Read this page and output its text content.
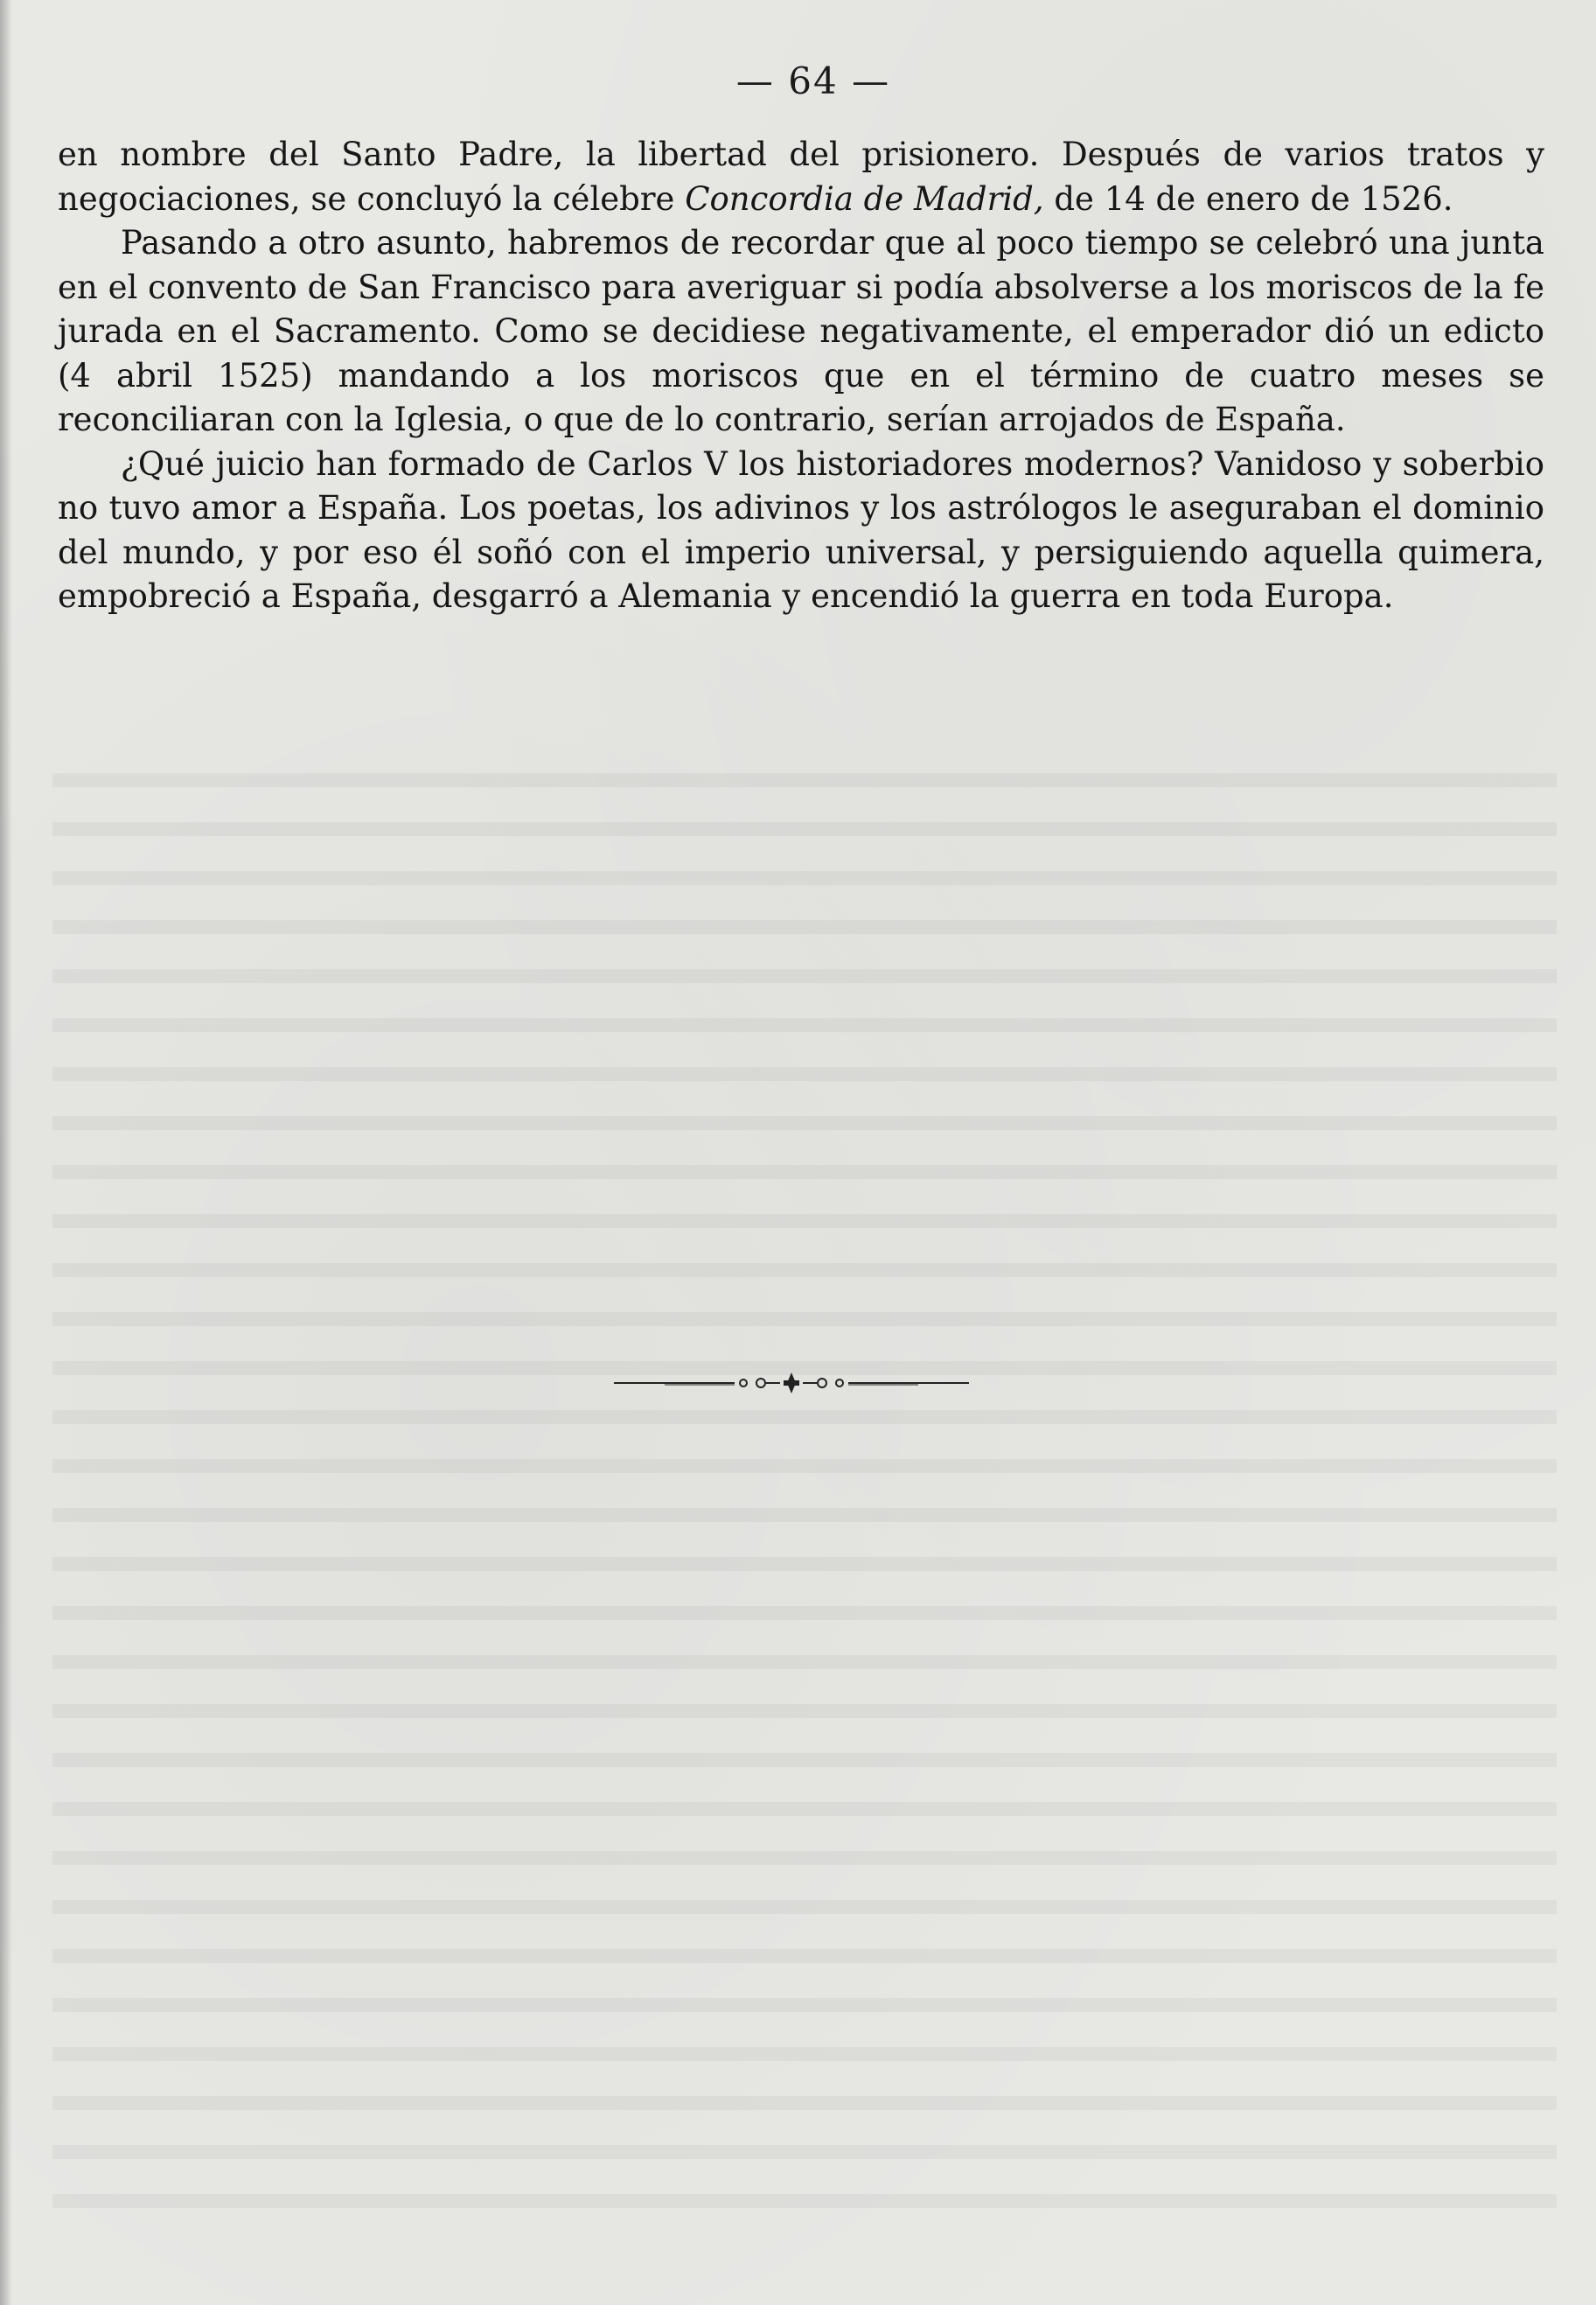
— 64 —

en nombre del Santo Padre, la libertad del prisionero. Después de varios tratos y negociaciones, se concluyó la célebre Concordia de Madrid, de 14 de enero de 1526.

Pasando a otro asunto, habremos de recordar que al poco tiempo se celebró una junta en el convento de San Francisco para averiguar si podía absolverse a los moriscos de la fe jurada en el Sacramento. Como se decidiese negativamente, el emperador dió un edicto (4 abril 1525) mandando a los moriscos que en el término de cuatro meses se reconciliaran con la Iglesia, o que de lo contrario, serían arrojados de España.

¿Qué juicio han formado de Carlos V los historiadores modernos? Vanidoso y soberbio no tuvo amor a España. Los poetas, los adivinos y los astrólogos le aseguraban el dominio del mundo, y por eso él soñó con el imperio universal, y persiguiendo aquella quimera, empobreció a España, desgarró a Alemania y encendió la guerra en toda Europa.
